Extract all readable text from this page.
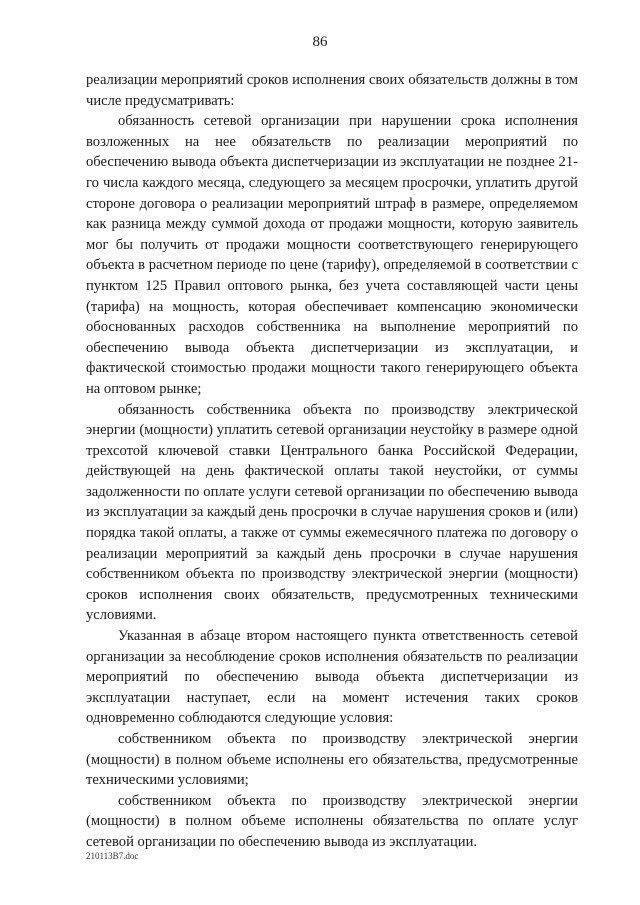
86

реализации мероприятий сроков исполнения своих обязательств должны в том числе предусматривать:

обязанность сетевой организации при нарушении срока исполнения возложенных на нее обязательств по реализации мероприятий по обеспечению вывода объекта диспетчеризации из эксплуатации не позднее 21-го числа каждого месяца, следующего за месяцем просрочки, уплатить другой стороне договора о реализации мероприятий штраф в размере, определяемом как разница между суммой дохода от продажи мощности, которую заявитель мог бы получить от продажи мощности соответствующего генерирующего объекта в расчетном периоде по цене (тарифу), определяемой в соответствии с пунктом 125 Правил оптового рынка, без учета составляющей части цены (тарифа) на мощность, которая обеспечивает компенсацию экономически обоснованных расходов собственника на выполнение мероприятий по обеспечению вывода объекта диспетчеризации из эксплуатации, и фактической стоимостью продажи мощности такого генерирующего объекта на оптовом рынке;

обязанность собственника объекта по производству электрической энергии (мощности) уплатить сетевой организации неустойку в размере одной трехсотой ключевой ставки Центрального банка Российской Федерации, действующей на день фактической оплаты такой неустойки, от суммы задолженности по оплате услуги сетевой организации по обеспечению вывода из эксплуатации за каждый день просрочки в случае нарушения сроков и (или) порядка такой оплаты, а также от суммы ежемесячного платежа по договору о реализации мероприятий за каждый день просрочки в случае нарушения собственником объекта по производству электрической энергии (мощности) сроков исполнения своих обязательств, предусмотренных техническими условиями.

Указанная в абзаце втором настоящего пункта ответственность сетевой организации за несоблюдение сроков исполнения обязательств по реализации мероприятий по обеспечению вывода объекта диспетчеризации из эксплуатации наступает, если на момент истечения таких сроков одновременно соблюдаются следующие условия:

собственником объекта по производству электрической энергии (мощности) в полном объеме исполнены его обязательства, предусмотренные техническими условиями;

собственником объекта по производству электрической энергии (мощности) в полном объеме исполнены обязательства по оплате услуг сетевой организации по обеспечению вывода из эксплуатации.

210113В7.doc
